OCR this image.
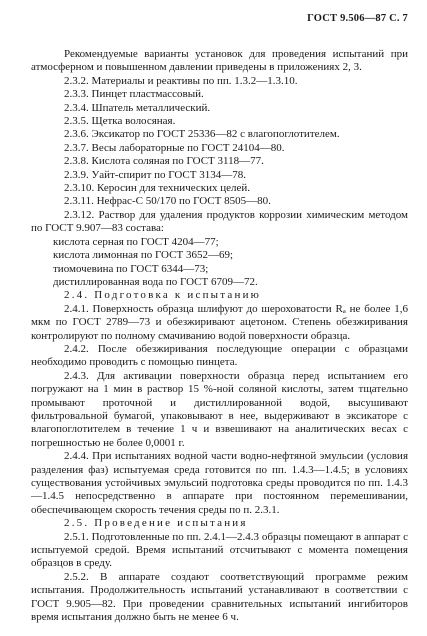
ГОСТ 9.506—87 С. 7

Рекомендуемые варианты установок для проведения испытаний при атмосферном и повышенном давлении приведены в приложениях 2, 3.

2.3.2. Материалы и реактивы по пп. 1.3.2—1.3.10.

2.3.3. Пинцет пластмассовый.

2.3.4. Шпатель металлический.

2.3.5. Щетка волосяная.

2.3.6. Эксикатор по ГОСТ 25336—82 с влагопоглотителем.

2.3.7. Весы лабораторные по ГОСТ 24104—80.

2.3.8. Кислота соляная по ГОСТ 3118—77.

2.3.9. Уайт-спирит по ГОСТ 3134—78.

2.3.10. Керосин для технических целей.

2.3.11. Нефрас-С 50/170 по ГОСТ 8505—80.

2.3.12. Раствор для удаления продуктов коррозии химическим методом по ГОСТ 9.907—83 состава:

кислота серная по ГОСТ 4204—77;

кислота лимонная по ГОСТ 3652—69;

тиомочевина по ГОСТ 6344—73;

дистиллированная вода по ГОСТ 6709—72.

2.4. Подготовка к испытанию

2.4.1. Поверхность образца шлифуют до шероховатости Rₐ не более 1,6 мкм по ГОСТ 2789—73 и обезжиривают ацетоном. Степень обезжиривания контролируют по полному смачиванию водой поверхности образца.

2.4.2. После обезжиривания последующие операции с образцами необходимо проводить с помощью пинцета.

2.4.3. Для активации поверхности образца перед испытанием его погружают на 1 мин в раствор 15 %-ной соляной кислоты, затем тщательно промывают проточной и дистиллированной водой, высушивают фильтровальной бумагой, упаковывают в нее, выдерживают в эксикаторе с влагопоглотителем в течение 1 ч и взвешивают на аналитических весах с погрешностью не более 0,0001 г.

2.4.4. При испытаниях водной части водно-нефтяной эмульсии (условия разделения фаз) испытуемая среда готовится по пп. 1.4.3—1.4.5; в условиях существования устойчивых эмульсий подготовка среды проводится по пп. 1.4.3—1.4.5 непосредственно в аппарате при постоянном перемешивании, обеспечивающем скорость течения среды по п. 2.3.1.

2.5. Проведение испытания

2.5.1. Подготовленные по пп. 2.4.1—2.4.3 образцы помещают в аппарат с испытуемой средой. Время испытаний отсчитывают с момента помещения образцов в среду.

2.5.2. В аппарате создают соответствующий программе режим испытания. Продолжительность испытаний устанавливают в соответствии с ГОСТ 9.905—82. При проведении сравнительных испытаний ингибиторов время испытания должно быть не менее 6 ч.
